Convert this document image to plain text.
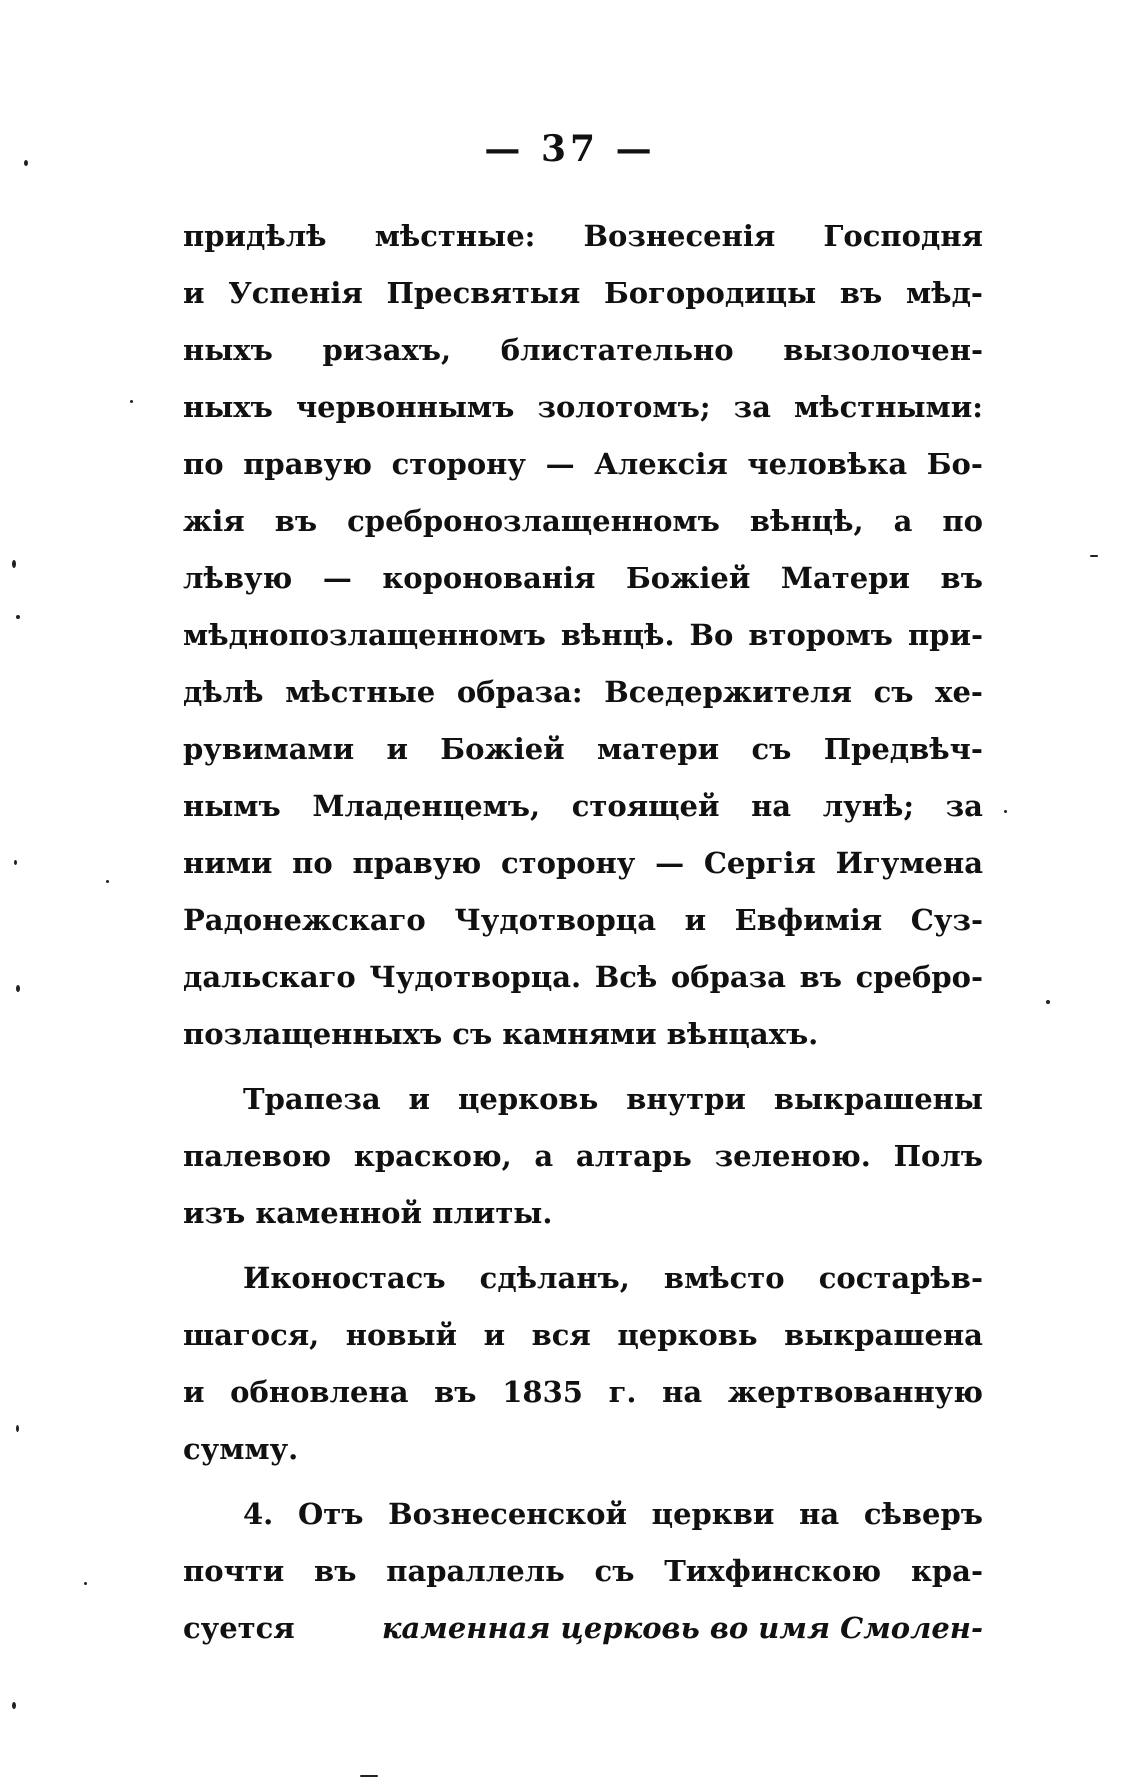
— 37 —
придѣлѣ мѣстные: Вознесенія Господня
и Успенія Пресвятыя Богородицы въ мѣд-
ныхъ ризахъ, блистательно вызолочен-
ныхъ червоннымъ золотомъ; за мѣстными:
по правую сторону — Алексія человѣка Бо-
жія въ сребронозлащенномъ вѣнцѣ, а по
лѣвую — коронованія Божіей Матери въ
мѣднопозлащенномъ вѣнцѣ. Во второмъ при-
дѣлѣ мѣстные образа: Вседержителя съ хе-
рувимами и Божіей матери съ Предвѣч-
нымъ Младенцемъ, стоящей на лунѣ; за
ними по правую сторону — Сергія Игумена
Радонежскаго Чудотворца и Евфимія Суз-
дальскаго Чудотворца. Всѣ образа въ сребро-
позлащенныхъ съ камнями вѣнцахъ.
Трапеза и церковь внутри выкрашены
палевою краскою, а алтарь зеленою. Полъ
изъ каменной плиты.
Иконостасъ сдѣланъ, вмѣсто состарѣв-
шагося, новый и вся церковь выкрашена
и обновлена въ 1835 г. на жертвованную
сумму.
4. Отъ Вознесенской церкви на сѣверъ
почти въ параллель съ Тихфинскою кра-
суется	каменная церковь во имя Смолен-
